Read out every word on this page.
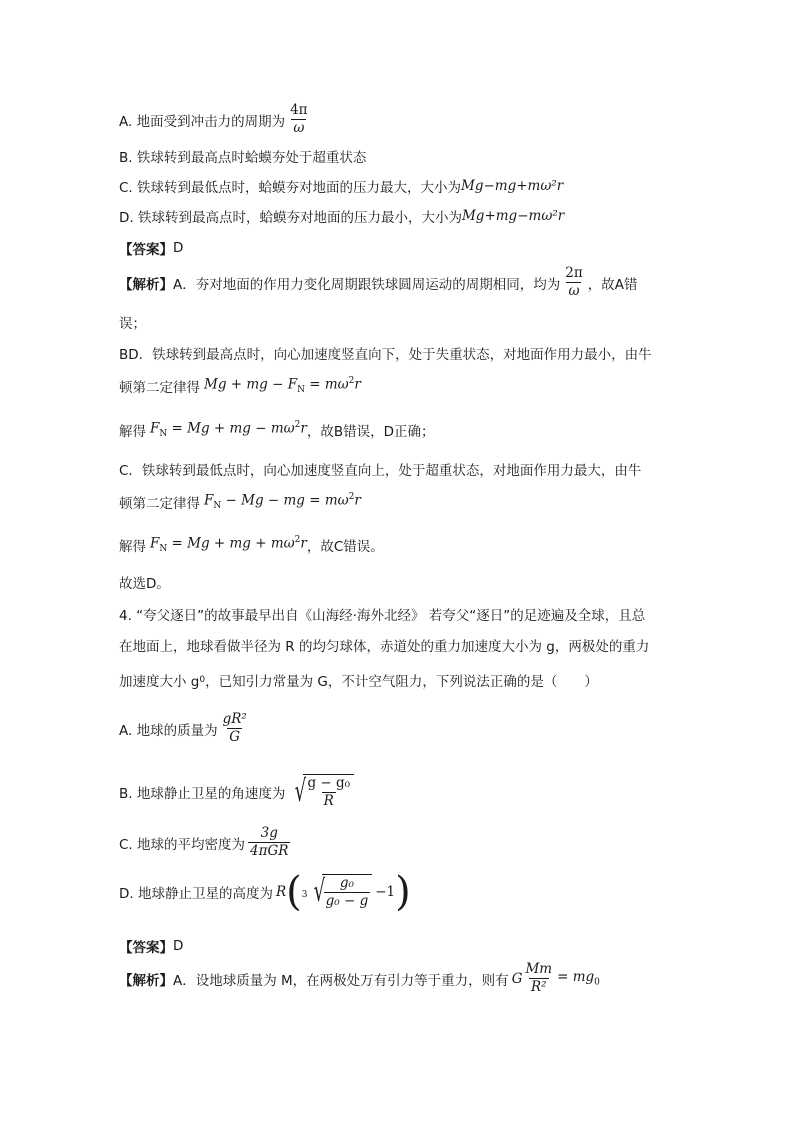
A. 地面受到冲击力的周期为 $\frac{4\pi}{\omega}$
B. 铁球转到最高点时蛤蟆夯处于超重状态
C. 铁球转到最低点时，蛤蟆夯对地面的压力最大，大小为 Mg−mg+mω²r
D. 铁球转到最高点时，蛤蟆夯对地面的压力最小，大小为 Mg+mg−mω²r
【答案】 D
【解析】 A．夯对地面的作用力变化周期跟铁球圆周运动的周期相同，均为 $\frac{2\pi}{\omega}$ ，故A错
误；
BD．铁球转到最高点时，向心加速度竖直向下，处于失重状态，对地面作用力最小，由牛
顿第二定律得 Mg + mg − $F_N = m\omega^2r$
解得 $F_N = Mg$ + mg − $m\omega^2r$ ，故B错误，D正确；
C．铁球转到最低点时，向心加速度竖直向上，处于超重状态，对地面作用力最大，由牛
顿第二定律得 $F_N - Mg$ − mg = $m\omega^2r$
解得 $F_N = Mg$ + mg + $m\omega^2r$ ，故C错误。
故选D。
4. “夸父逐日”的故事最早出自《山海经·海外北经》 若夸父“逐日”的足迹遍及全球，且总
在地面上，地球看做半径为 R 的均匀球体，赤道处的重力加速度大小为 g，两极处的重力
加速度大小 g 0 ，已知引力常量为 G，不计空气阻力，下列说法正确的是（　　）
A. 地球的质量为 $\frac{\text{gR²}}{G}$
B. 地球静止卫星的角速度为 √ $\frac{\text{g − g₀}}{R}$
C. 地球的平均密度为 $\frac{3g}{\text{4πGR}}$
D. 地球静止卫星的高度为 R ( 3 √ $\frac{\text{g₀}}{\text{g₀ − g}} -1$ )
【答案】 D
【解析】 A．设地球质量为 M，在两极处万有引力等于重力，则有 G $\frac{Mm}{\text{R²}} = mg_0$
